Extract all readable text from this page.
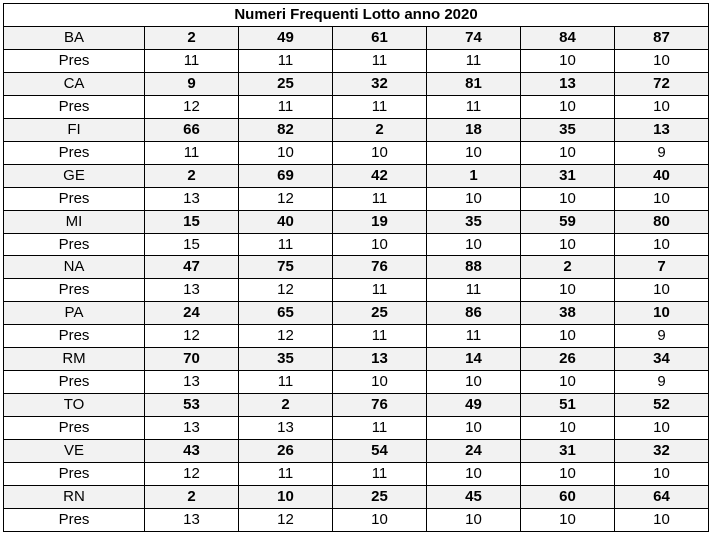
Numeri Frequenti Lotto anno 2020						
BA	2	49	61	74	84	87
Pres	11	11	11	11	10	10
CA	9	25	32	81	13	72
Pres	12	11	11	11	10	10
FI	66	82	2	18	35	13
Pres	11	10	10	10	10	9
GE	2	69	42	1	31	40
Pres	13	12	11	10	10	10
MI	15	40	19	35	59	80
Pres	15	11	10	10	10	10
NA	47	75	76	88	2	7
Pres	13	12	11	11	10	10
PA	24	65	25	86	38	10
Pres	12	12	11	11	10	9
RM	70	35	13	14	26	34
Pres	13	11	10	10	10	9
TO	53	2	76	49	51	52
Pres	13	13	11	10	10	10
VE	43	26	54	24	31	32
Pres	12	11	11	10	10	10
RN	2	10	25	45	60	64
Pres	13	12	10	10	10	10
